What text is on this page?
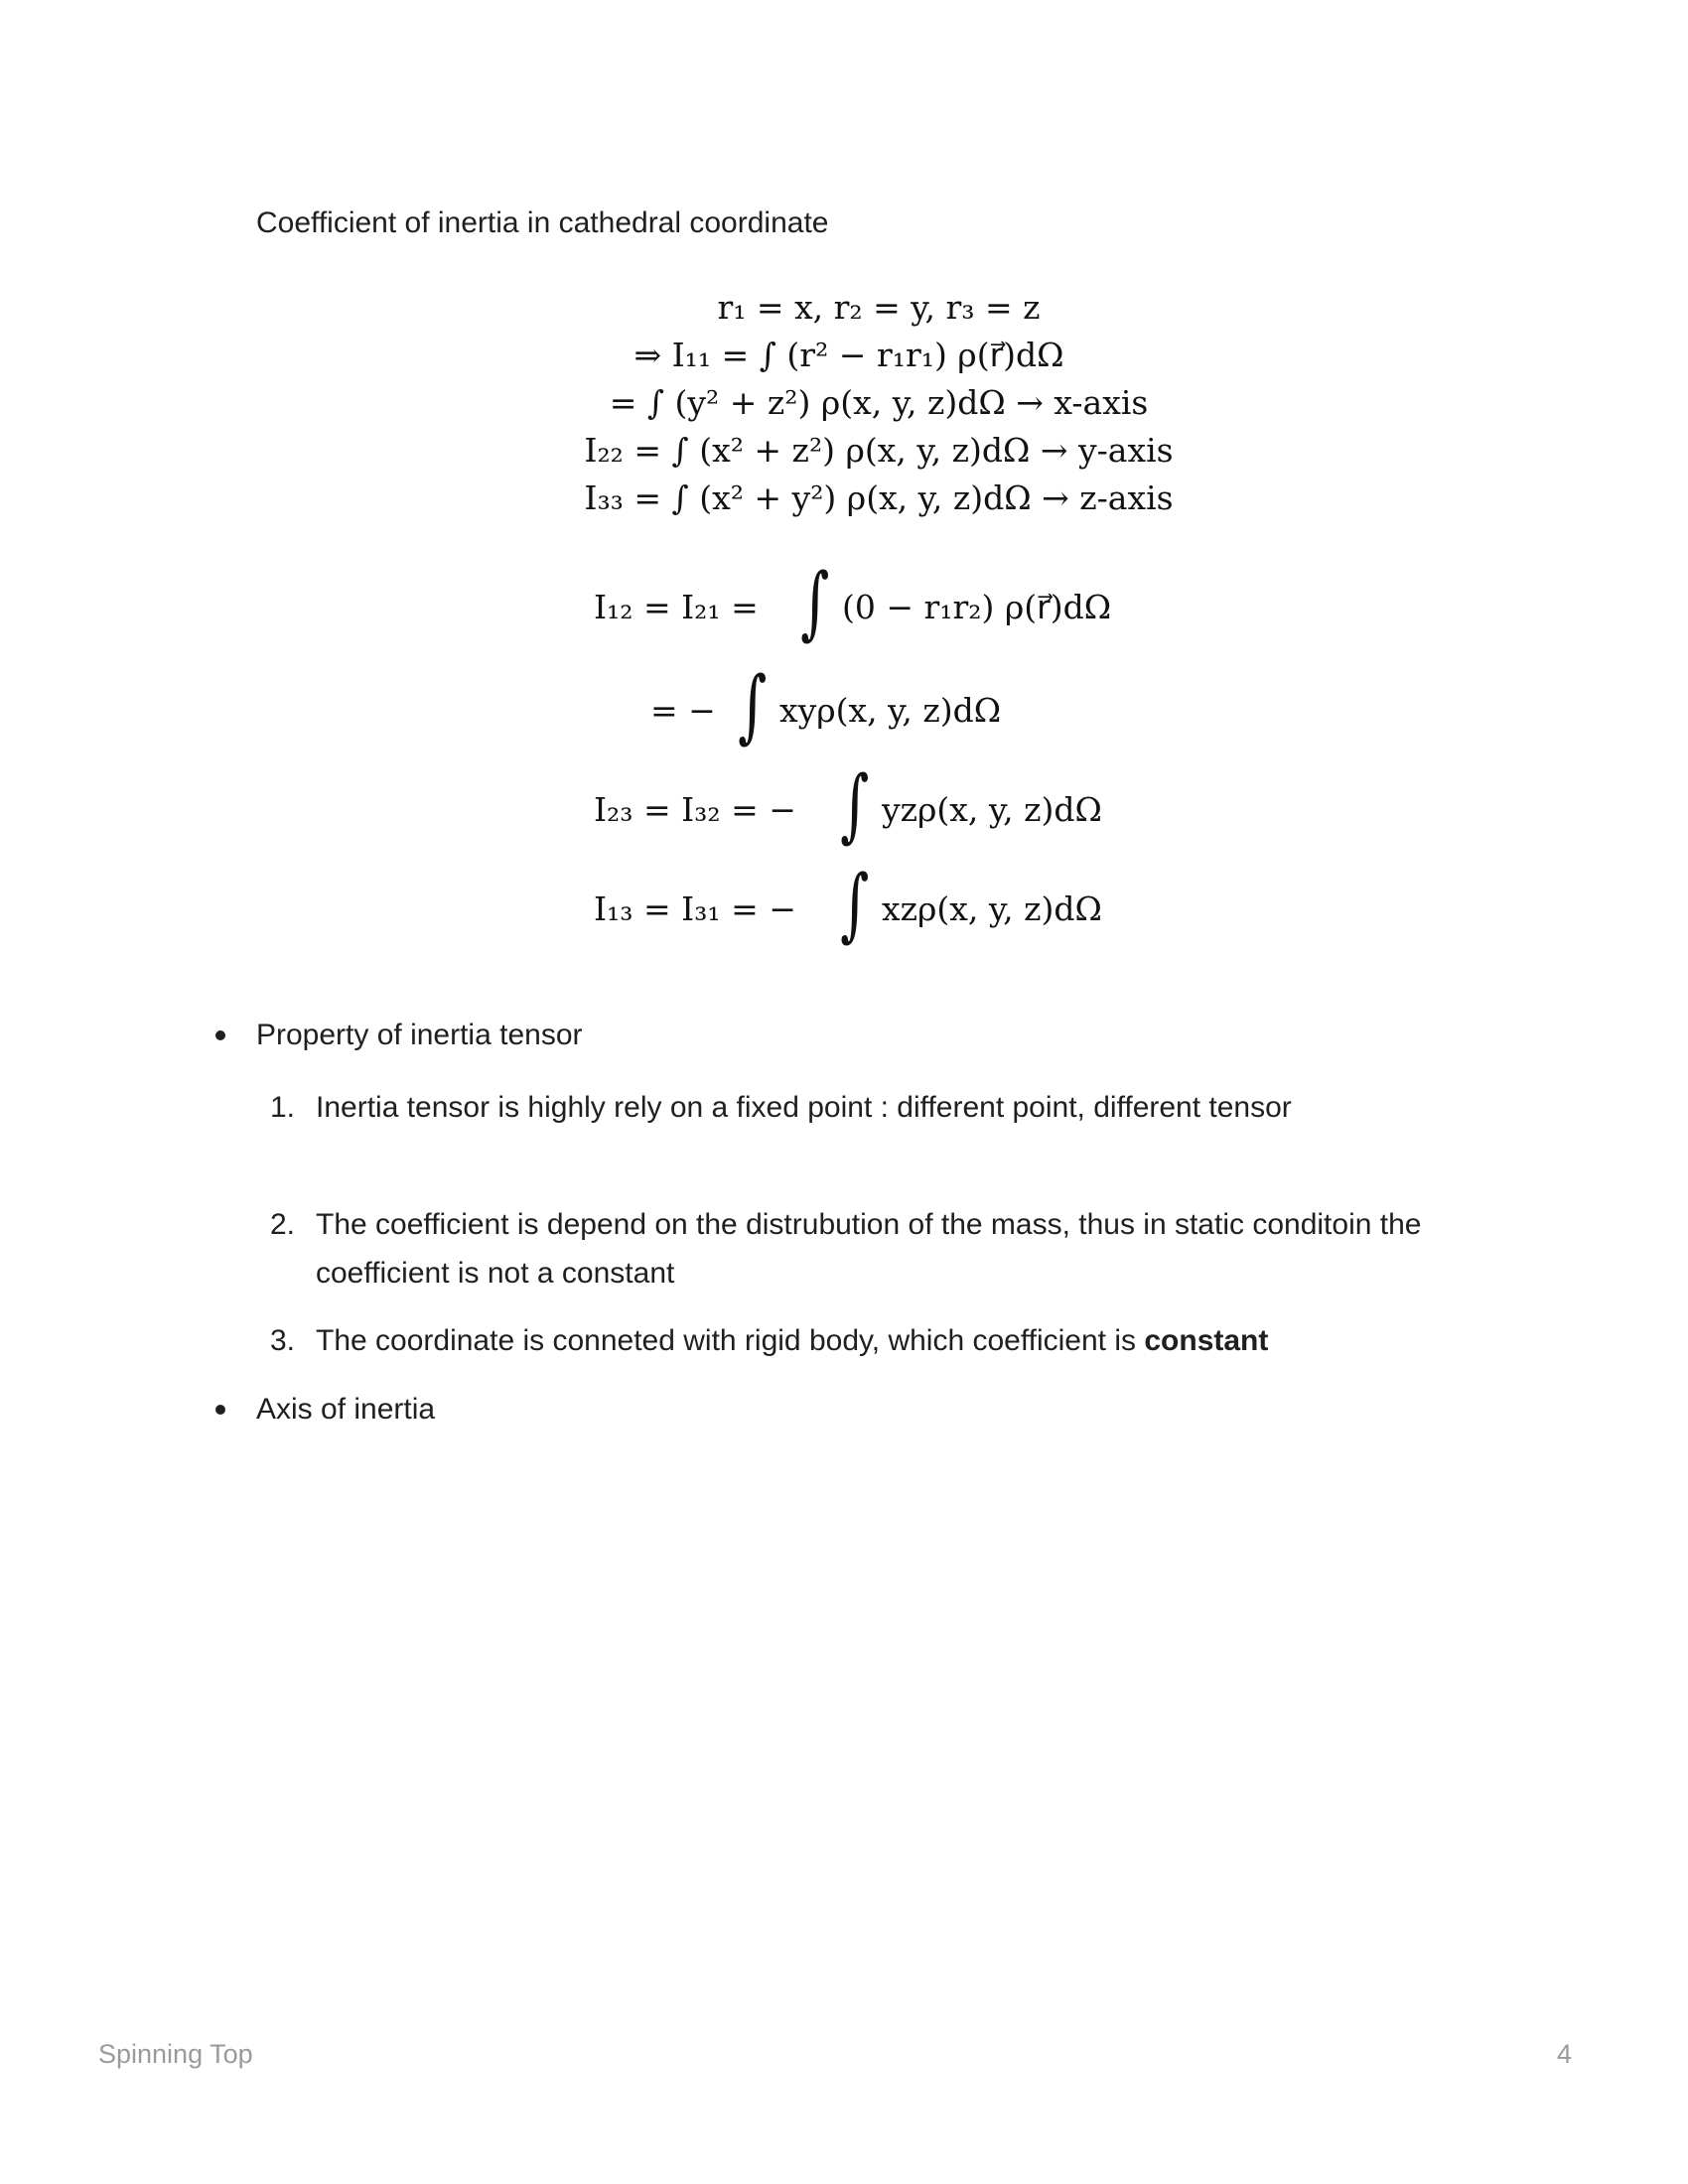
Coefficient of inertia in cathedral coordinate
r₁ = x, r₂ = y, r₃ = z
⇒ I₁₁ = ∫ (r² − r₁r₁) ρ(r⃗)dΩ
= ∫ (y² + z²) ρ(x, y, z)dΩ → x-axis
I₂₂ = ∫ (x² + z²) ρ(x, y, z)dΩ → y-axis
I₃₃ = ∫ (x² + y²) ρ(x, y, z)dΩ → z-axis
I₁₂ = I₂₁ = ∫ (0 − r₁r₂) ρ(r⃗)dΩ
= − ∫ xyρ(x, y, z)dΩ
I₂₃ = I₃₂ = − ∫ yzρ(x, y, z)dΩ
I₁₃ = I₃₁ = − ∫ xzρ(x, y, z)dΩ
Property of inertia tensor
1. Inertia tensor is highly rely on a fixed point : different point, different tensor
2. The coefficient is depend on the distrubution of the mass, thus in static conditoin the coefficient is not a constant
3. The coordinate is conneted with rigid body, which coefficient is constant
Axis of inertia
Spinning Top	4
